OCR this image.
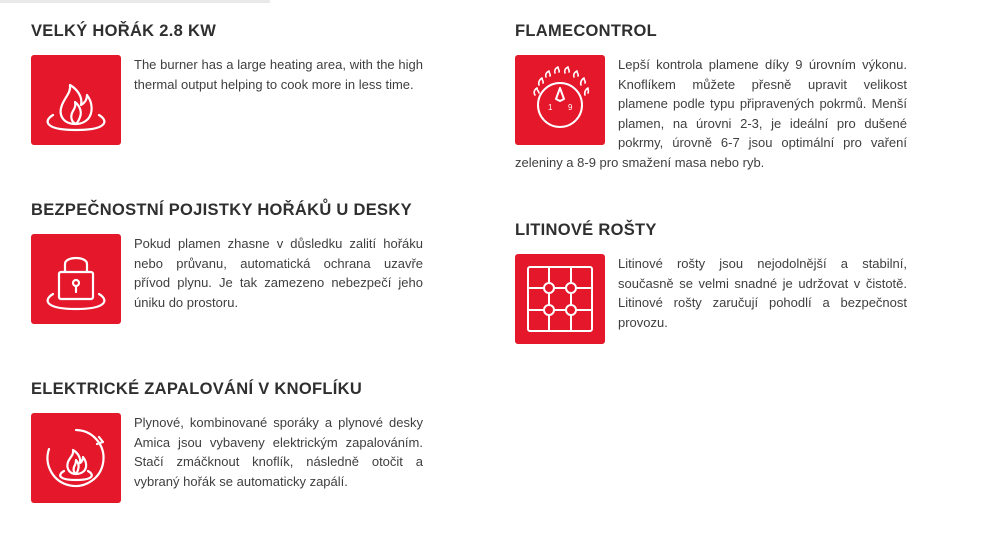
VELKÝ HOŘÁK 2.8 KW

The burner has a large heating area, with the high thermal output helping to cook more in less time.

BEZPEČNOSTNÍ POJISTKY HOŘÁKŮ U DESKY

Pokud plamen zhasne v důsledku zalití hořáku nebo průvanu, automatická ochrana uzavře přívod plynu. Je tak zamezeno nebezpečí jeho úniku do prostoru.

ELEKTRICKÉ ZAPALOVÁNÍ V KNOFLÍKU

Plynové, kombinované sporáky a plynové desky Amica jsou vybaveny elektrickým zapalováním. Stačí zmáčknout knoflík, následně otočit a vybraný hořák se automaticky zapálí.

FLAMECONTROL
1 9

Lepší kontrola plamene díky 9 úrovním výkonu. Knoflíkem můžete přesně upravit velikost plamene podle typu připravených pokrmů. Menší plamen, na úrovni 2-3, je ideální pro dušené pokrmy, úrovně 6-7 jsou optimální pro vaření zeleniny a 8-9 pro smažení masa nebo ryb.

LITINOVÉ ROŠTY

Litinové rošty jsou nejodolnější a stabilní, současně se velmi snadné je udržovat v čistotě. Litinové rošty zaručují pohodlí a bezpečnost provozu.
